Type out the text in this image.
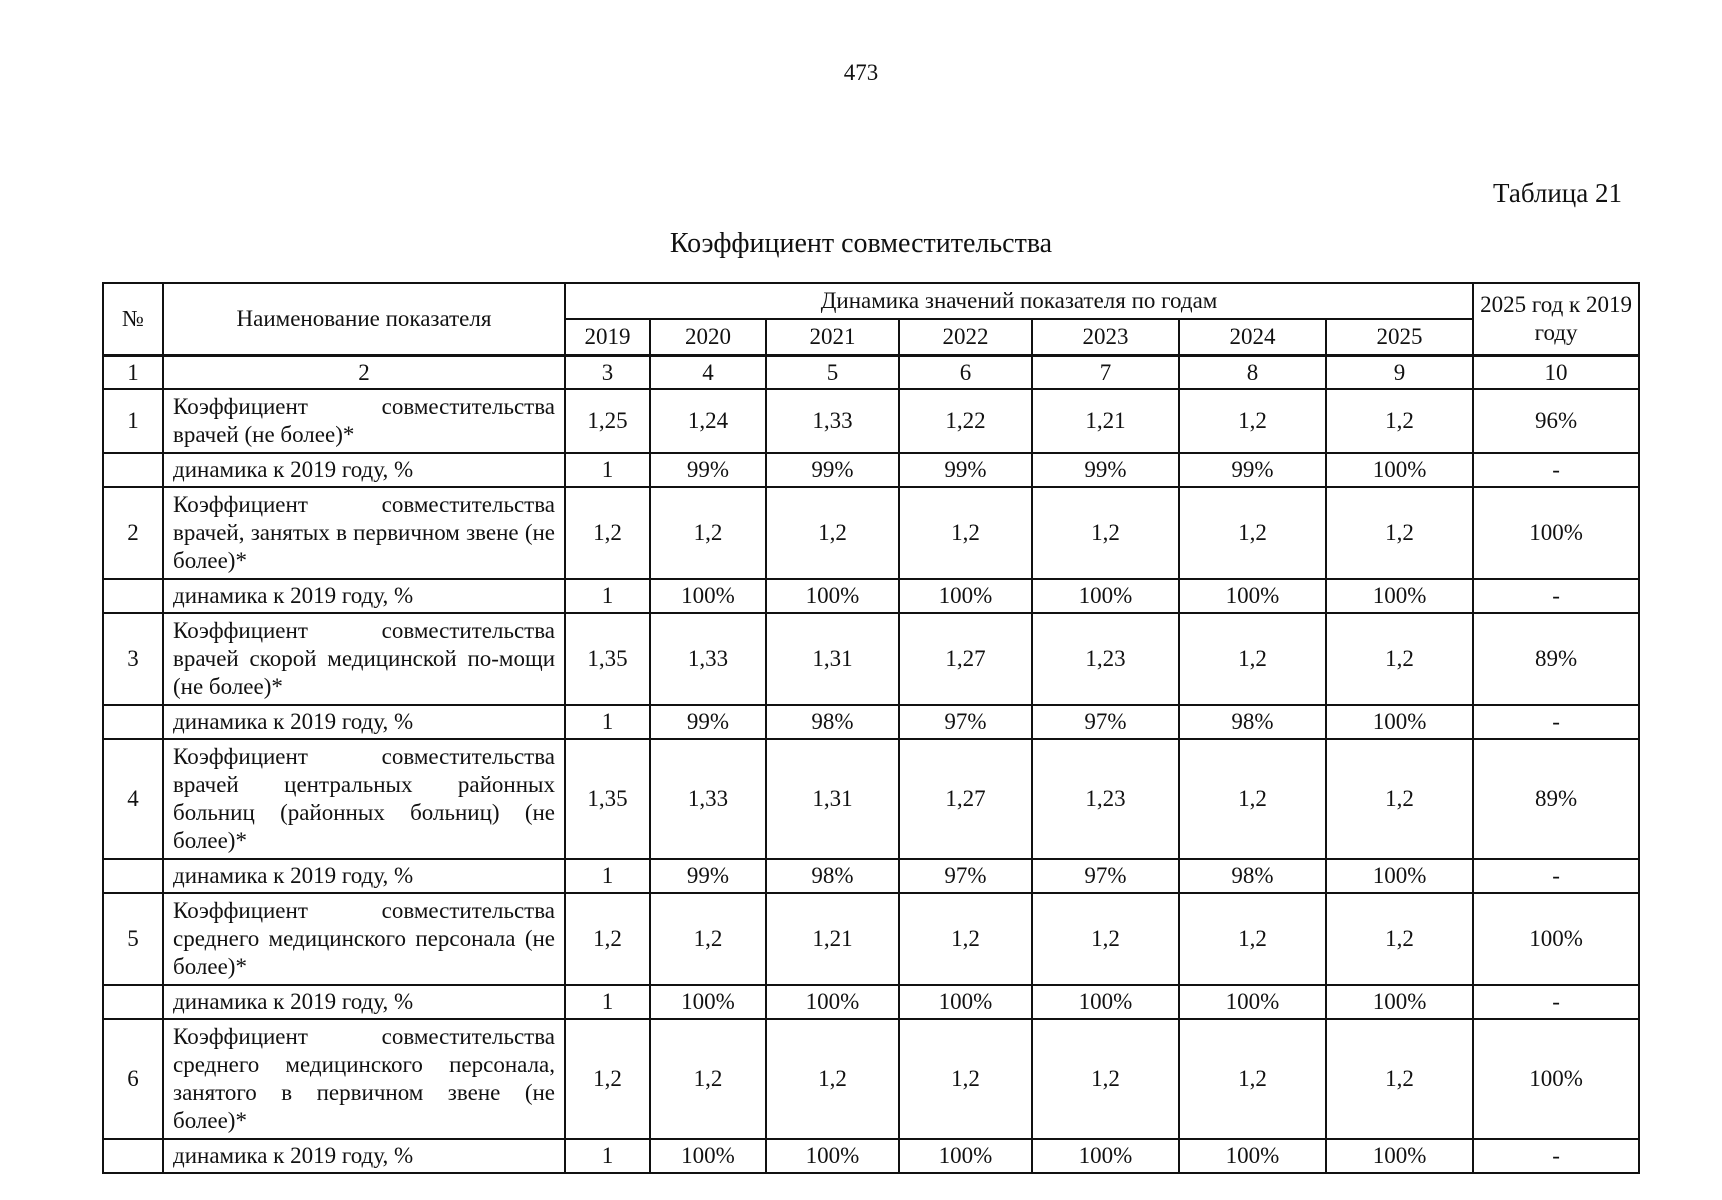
473
Таблица 21
Коэффициент совместительства
№	Наименование показателя	Динамика значений показателя по годам							2025 год к 2019 году
		2019	2020	2021	2022	2023	2024	2025	
1	2	3	4	5	6	7	8	9	10
1	Коэффициент совместительства врачей (не более)*	1,25	1,24	1,33	1,22	1,21	1,2	1,2	96%
	динамика к 2019 году, %	1	99%	99%	99%	99%	99%	100%	-
2	Коэффициент совместительства врачей, занятых в первичном звене (не более)*	1,2	1,2	1,2	1,2	1,2	1,2	1,2	100%
	динамика к 2019 году, %	1	100%	100%	100%	100%	100%	100%	-
3	Коэффициент совместительства врачей скорой медицинской по-мощи (не более)*	1,35	1,33	1,31	1,27	1,23	1,2	1,2	89%
	динамика к 2019 году, %	1	99%	98%	97%	97%	98%	100%	-
4	Коэффициент совместительства врачей центральных районных больниц (районных больниц) (не более)*	1,35	1,33	1,31	1,27	1,23	1,2	1,2	89%
	динамика к 2019 году, %	1	99%	98%	97%	97%	98%	100%	-
5	Коэффициент совместительства среднего медицинского персонала (не более)*	1,2	1,2	1,21	1,2	1,2	1,2	1,2	100%
	динамика к 2019 году, %	1	100%	100%	100%	100%	100%	100%	-
6	Коэффициент совместительства среднего медицинского персонала, занятого в первичном звене (не более)*	1,2	1,2	1,2	1,2	1,2	1,2	1,2	100%
	динамика к 2019 году, %	1	100%	100%	100%	100%	100%	100%	-
